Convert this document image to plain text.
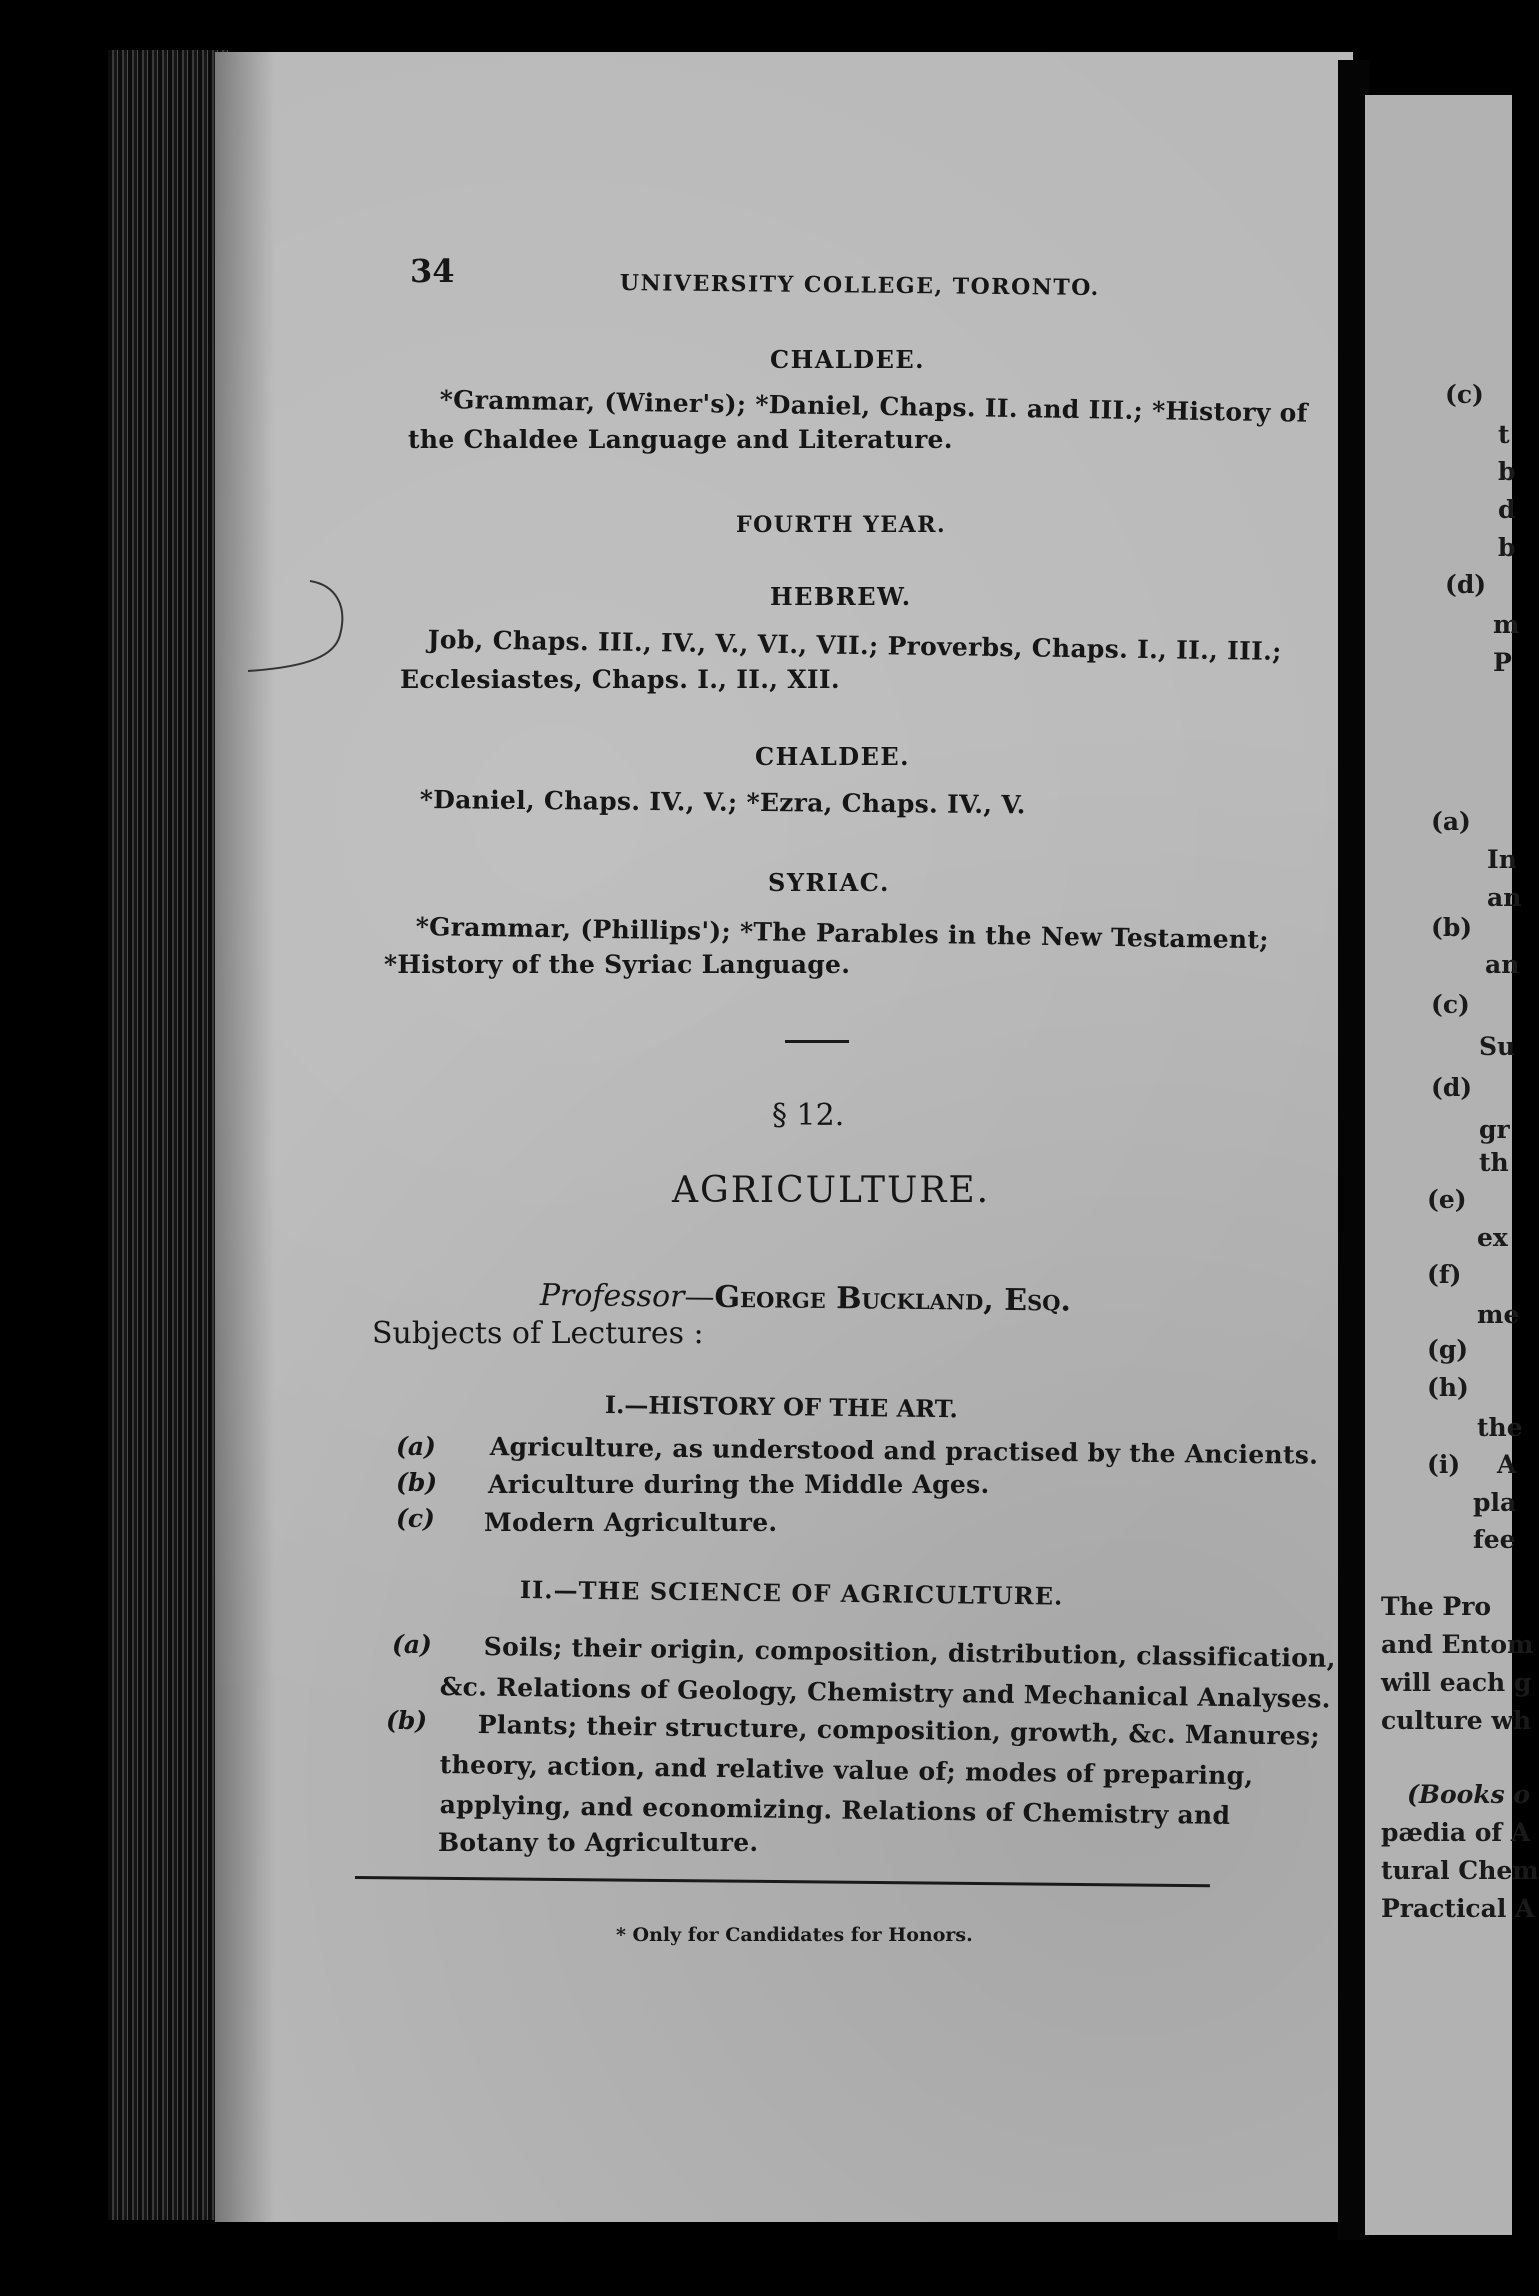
34	UNIVERSITY COLLEGE, TORONTO.
CHALDEE.
*Grammar, (Winer's); *Daniel, Chaps. II. and III.; *History of
the Chaldee Language and Literature.
FOURTH YEAR.
HEBREW.
Job, Chaps. III., IV., V., VI., VII.; Proverbs, Chaps. I., II., III.;
Ecclesiastes, Chaps. I., II., XII.
CHALDEE.
*Daniel, Chaps. IV., V.; *Ezra, Chaps. IV., V.
SYRIAC.
*Grammar, (Phillips'); *The Parables in the New Testament;
*History of the Syriac Language.
§ 12.
AGRICULTURE.
Professor—George Buckland, Esq.
Subjects of Lectures :
I.—HISTORY OF THE ART.
(a) Agriculture, as understood and practised by the Ancients.
(b) Ariculture during the Middle Ages.
(c) Modern Agriculture.
II.—THE SCIENCE OF AGRICULTURE.
(a) Soils; their origin, composition, distribution, classification,
&c. Relations of Geology, Chemistry and Mechanical Analyses.
(b) Plants; their structure, composition, growth, &c. Manures;
theory, action, and relative value of; modes of preparing,
applying, and economizing. Relations of Chemistry and
Botany to Agriculture.
* Only for Candidates for Honors.
(c)
t
b
d
b
(d)
m
P
(a)
In
an
(b)
an
(c)
Su
(d)
gr
th
(e)
ex
(f)
me
(g)
(h)
the
(i) A
pla
fee
The Pro
and Entom
will each g
culture wh
(Books o
pædia of A
tural Chem
Practical A
